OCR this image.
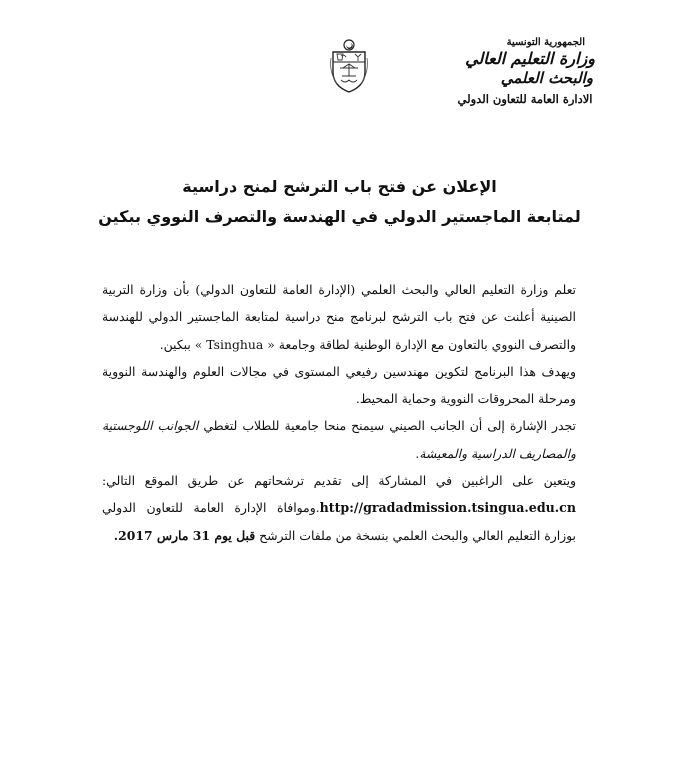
الجمهورية التونسية
وزارة التعليم العالي
والبحث العلمي
الادارة العامة للتعاون الدولي
الإعلان عن فتح باب الترشح لمنح دراسية
لمتابعة الماجستير الدولي في الهندسة والتصرف النووي ببكين

تعلم وزارة التعليم العالي والبحث العلمي (الإدارة العامة للتعاون الدولي) بأن وزارة التربية الصينية أعلنت عن فتح باب الترشح لبرنامج منح دراسية لمتابعة الماجستير الدولي للهندسة والتصرف النووي بالتعاون مع الإدارة الوطنية لطاقة وجامعة « Tsinghua » ببكين.

ويهدف هذا البرنامج لتكوين مهندسين رفيعي المستوى في مجالات العلوم والهندسة النووية ومرحلة المحروقات النووية وحماية المحيط.

تجدر الإشارة إلى أن الجانب الصيني سيمنح منحا جامعية للطلاب لتغطي الجوانب اللوجستية والمصاريف الدراسية والمعيشة.

ويتعين على الراغبين في المشاركة إلى تقديم ترشحاتهم عن طريق الموقع التالي: http://gradadmission.tsingua.edu.cn.وموافاة الإدارة العامة للتعاون الدولي بوزارة التعليم العالي والبحث العلمي بنسخة من ملفات الترشح قبل يوم 31 مارس 2017.
